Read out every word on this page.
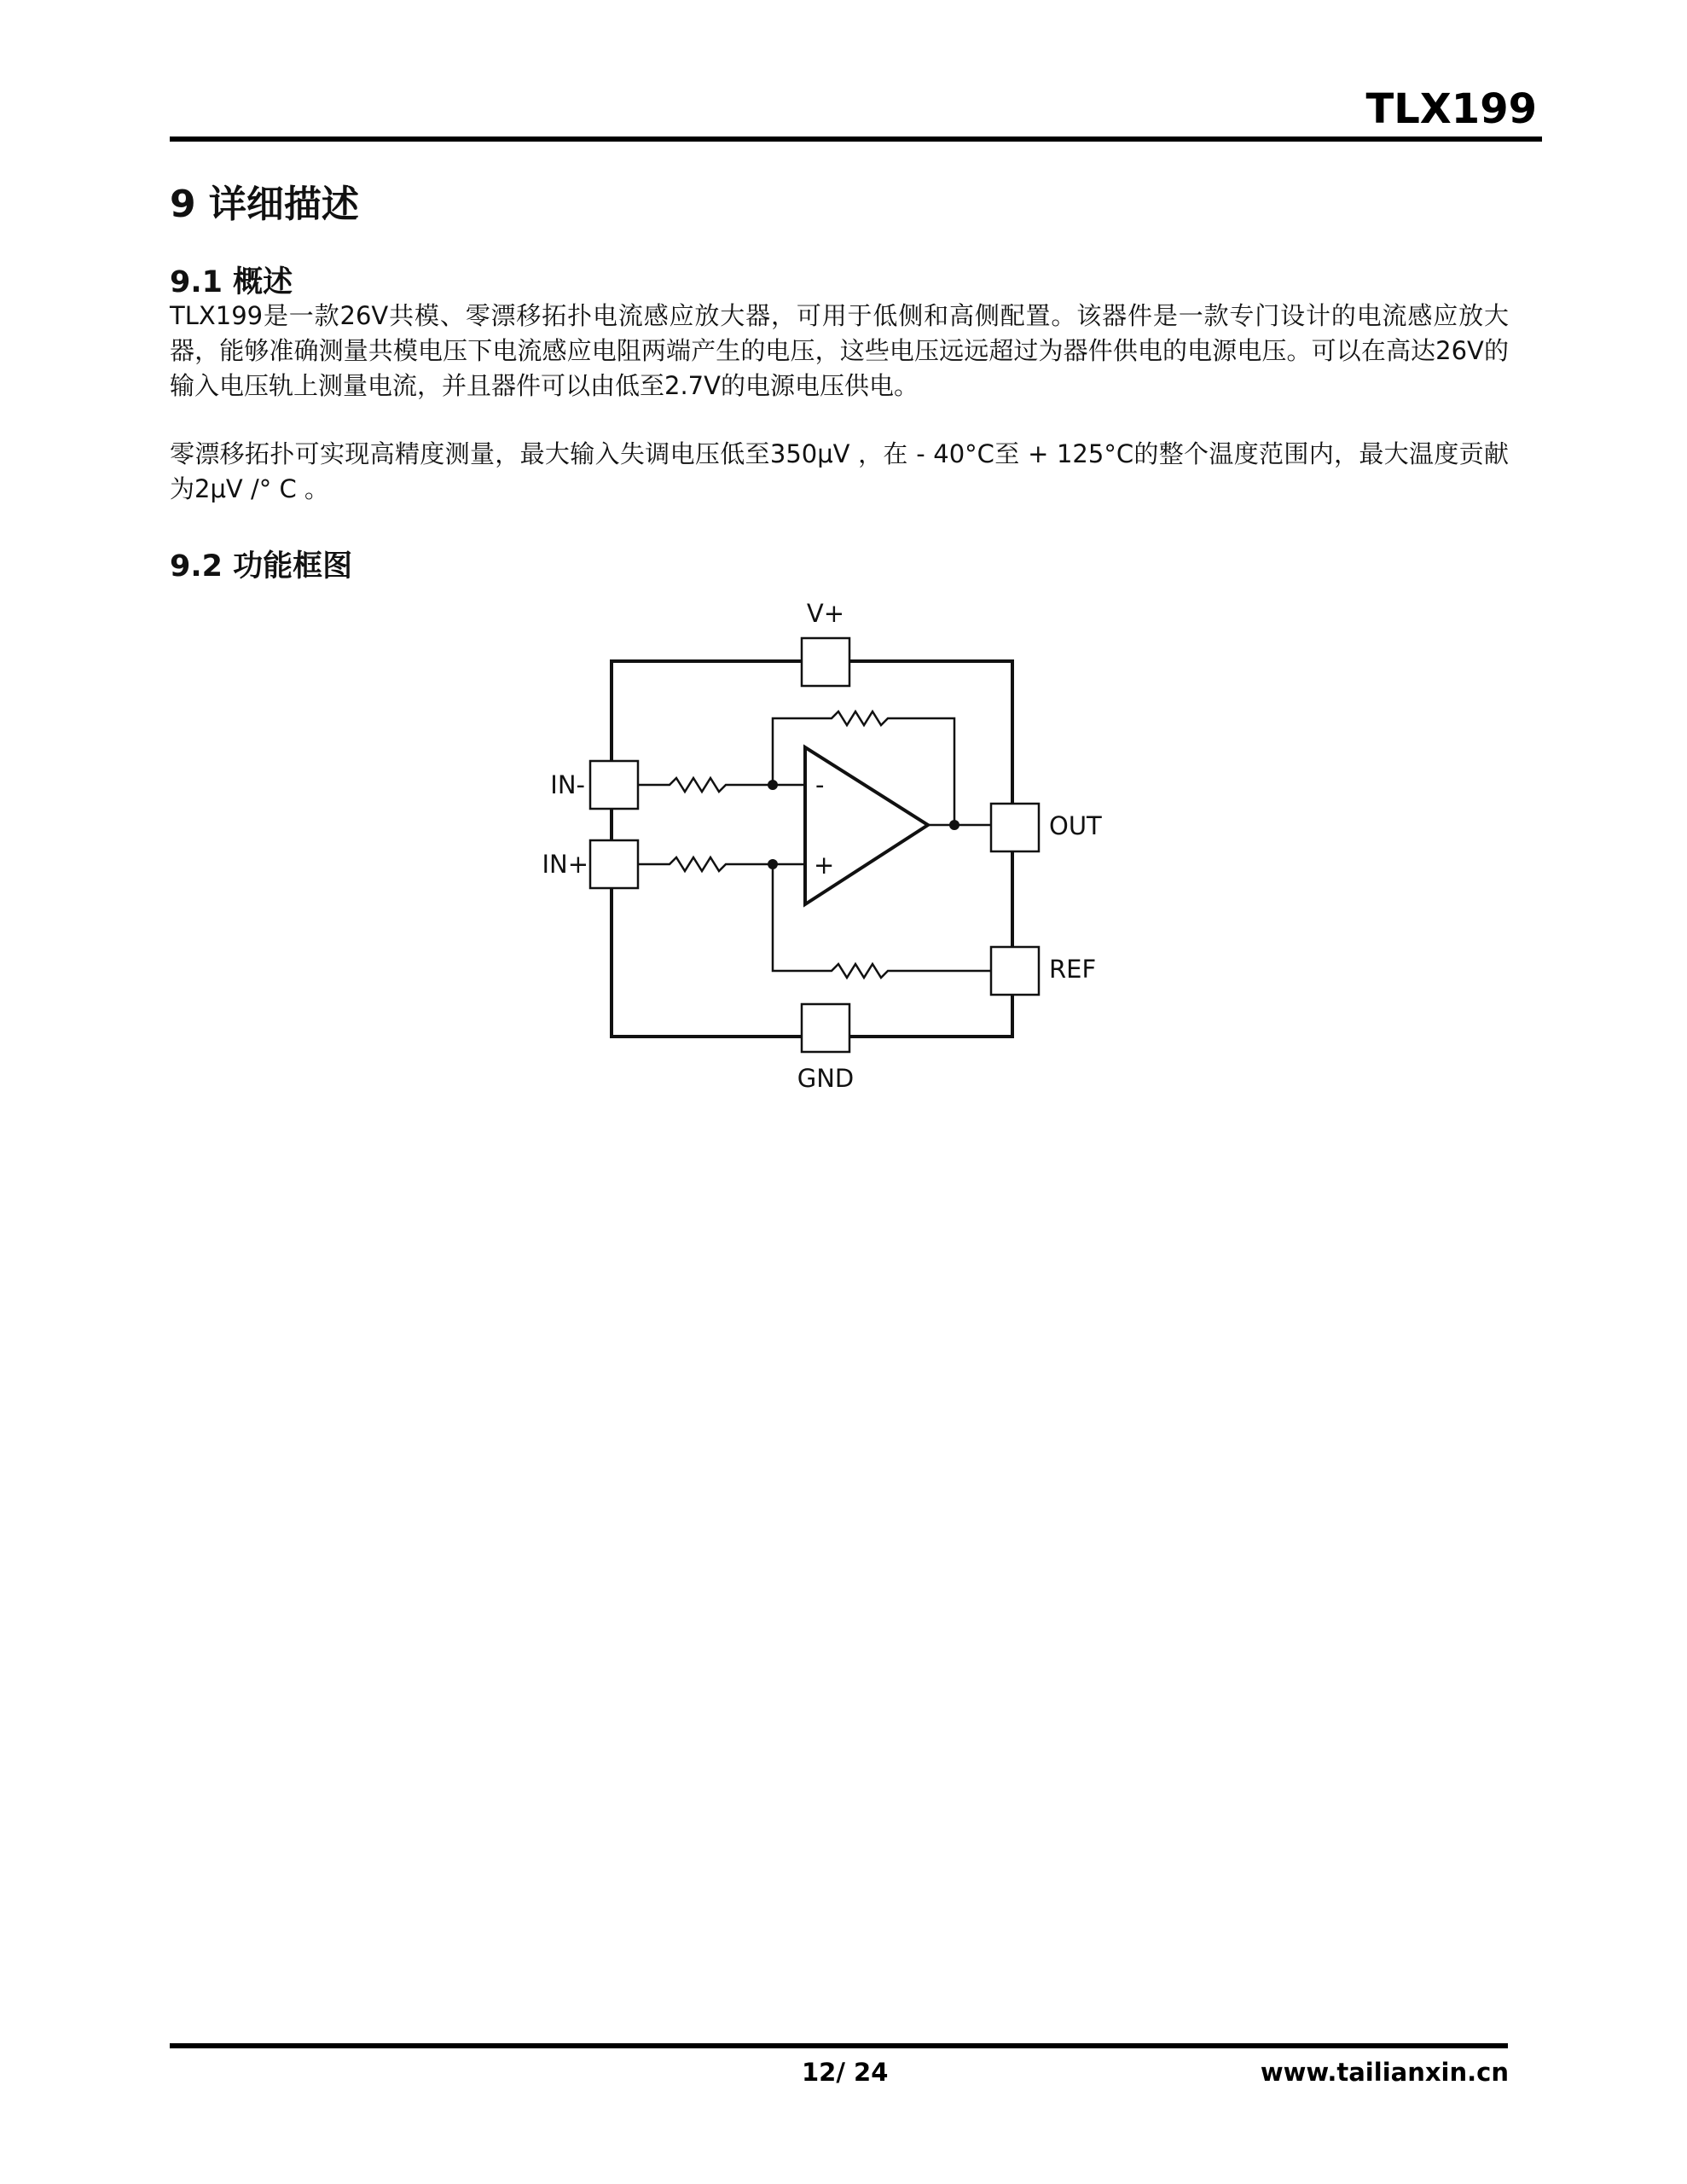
TLX199
9 详细描述
9.1 概述

TLX199是一款26V共模、零漂移拓扑电流感应放大器，可用于低侧和高侧配置。该器件是一款专门设计的电流感应放大器，能够准确测量共模电压下电流感应电阻两端产生的电压，这些电压远远超过为器件供电的电源电压。可以在高达26V的输入电压轨上测量电流，并且器件可以由低至2.7V的电源电压供电。

零漂移拓扑可实现高精度测量，最大输入失调电压低至350μV ，在 - 40°C至 + 125°C的整个温度范围内，最大温度贡献为2μV /° C 。

9.2 功能框图
-
+
V+
IN-
IN+
OUT
REF
GND
12/ 24	www.tailianxin.cn
